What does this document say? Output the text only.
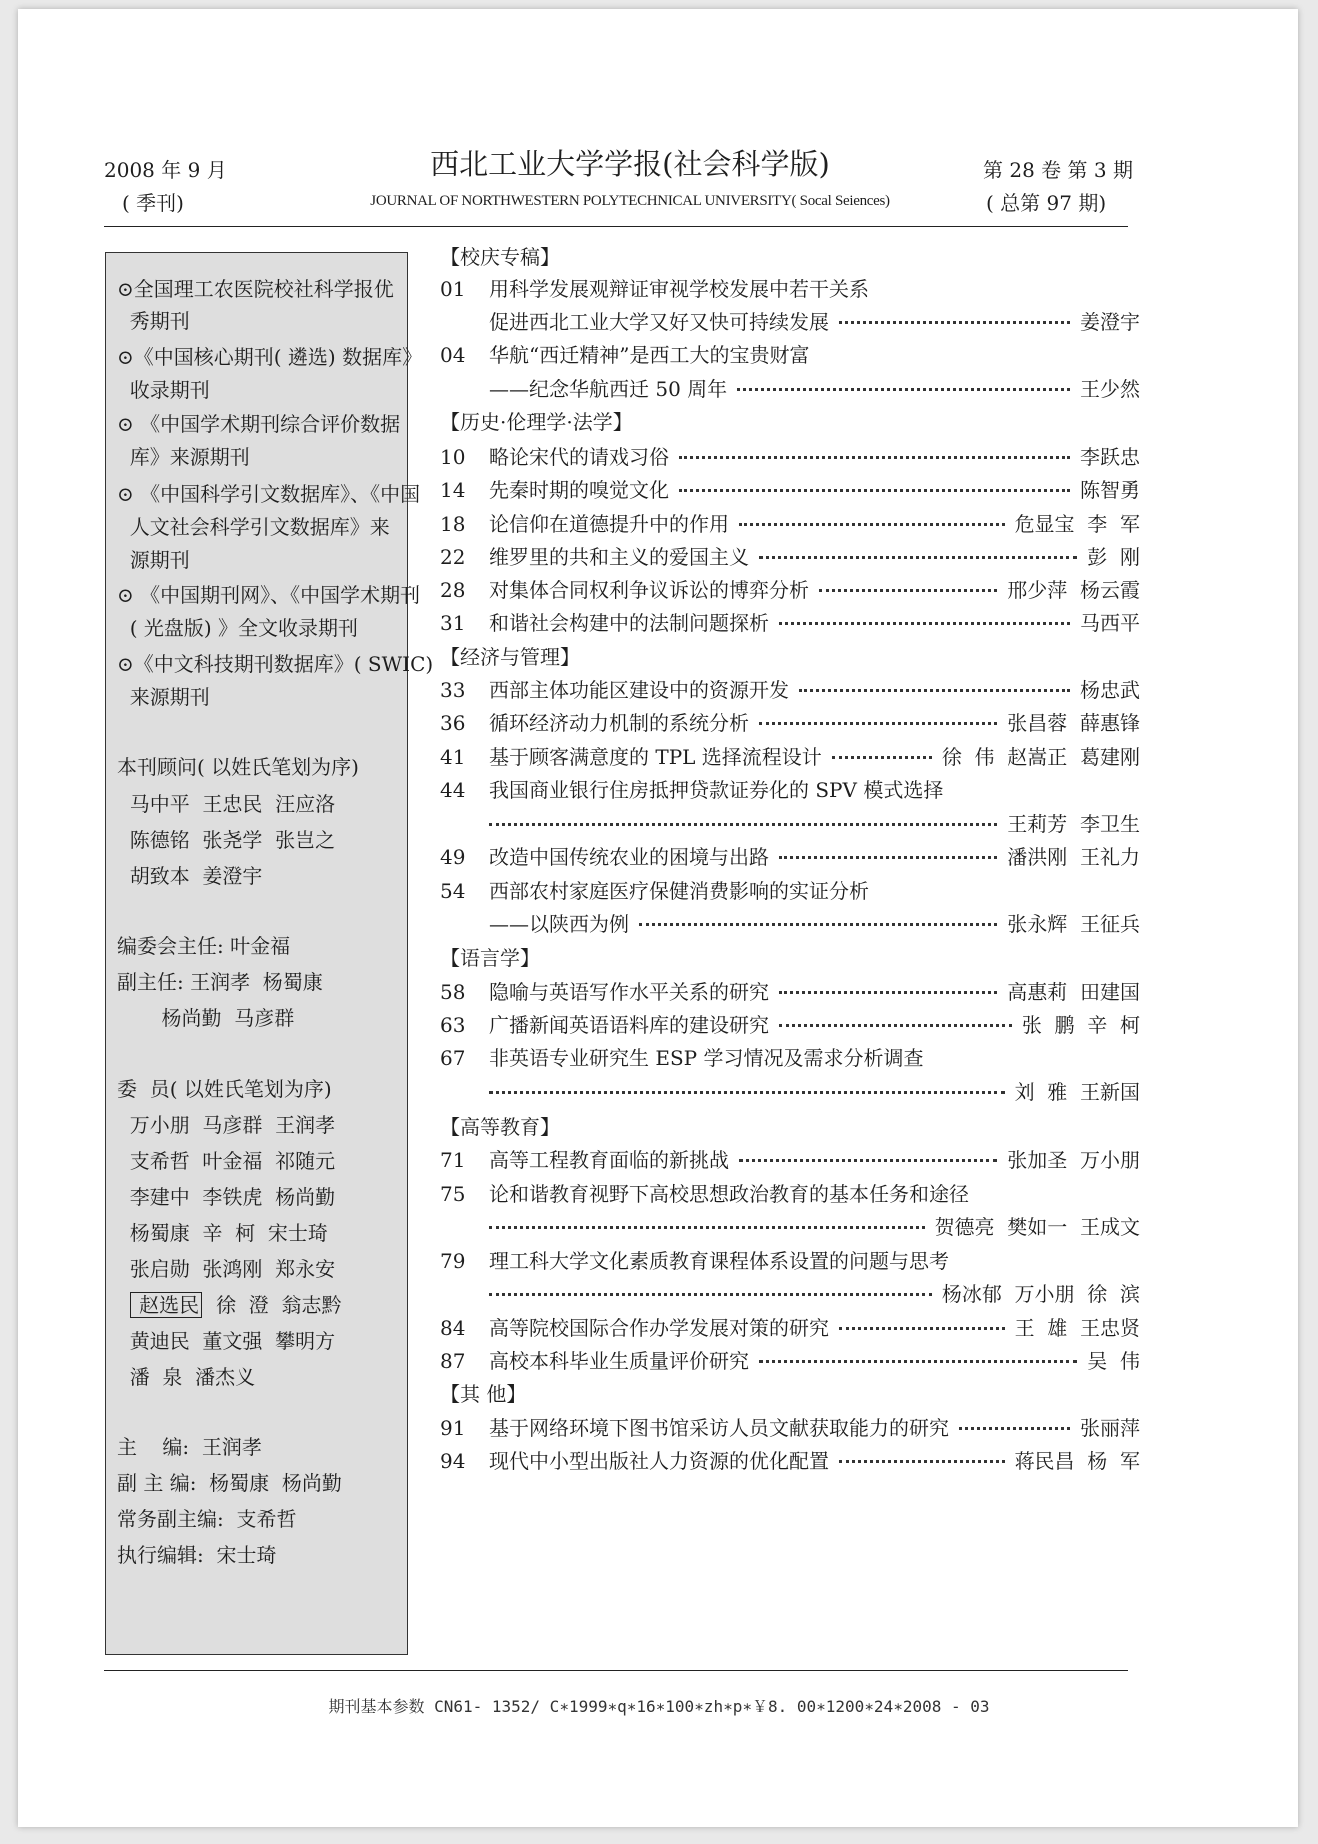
2008 年 9 月
( 季刊)
西北工业大学学报(社会科学版)
JOURNAL OF NORTHWESTERN POLYTECHNICAL UNIVERSITY( Socal Seiences)
第 28 卷 第 3 期
( 总第 97 期)
⊙全国理工农医院校社科学报优
秀期刊
⊙《中国核心期刊( 遴选) 数据库》
收录期刊
⊙ 《中国学术期刊综合评价数据
库》来源期刊
⊙ 《中国科学引文数据库》、《中国
人文社会科学引文数据库》来
源期刊
⊙ 《中国期刊网》、《中国学术期刊
( 光盘版) 》全文收录期刊
⊙《中文科技期刊数据库》( SWIC)
来源期刊
本刊顾问( 以姓氏笔划为序)
马中平  王忠民  汪应洛
陈德铭  张尧学  张岂之
胡致本  姜澄宇
编委会主任: 叶金福
副主任: 王润孝  杨蜀康
杨尚勤  马彦群
委  员( 以姓氏笔划为序)
万小朋  马彦群  王润孝
支希哲  叶金福  祁随元
李建中  李铁虎  杨尚勤
杨蜀康  辛  柯  宋士琦
张启勋  张鸿刚  郑永安
赵选民 徐  澄  翁志黔
黄迪民  董文强  攀明方
潘  泉  潘杰义
主    编:  王润孝
副 主 编:  杨蜀康  杨尚勤
常务副主编:  支希哲
执行编辑:  宋士琦
【校庆专稿】
01	用科学发展观辩证审视学校发展中若干关系
促进西北工业大学又好又快可持续发展	姜澄宇
04	华航“西迁精神”是西工大的宝贵财富
——纪念华航西迁 50 周年	王少然
【历史·伦理学·法学】
10	略论宋代的请戏习俗	李跃忠
14	先秦时期的嗅觉文化	陈智勇
18	论信仰在道德提升中的作用	危显宝  李  军
22	维罗里的共和主义的爱国主义	彭  刚
28	对集体合同权利争议诉讼的博弈分析	邢少萍  杨云霞
31	和谐社会构建中的法制问题探析	马西平
【经济与管理】
33	西部主体功能区建设中的资源开发	杨忠武
36	循环经济动力机制的系统分析	张昌蓉  薛惠锋
41	基于顾客满意度的 TPL 选择流程设计	徐  伟  赵嵩正  葛建刚
44	我国商业银行住房抵押贷款证券化的 SPV 模式选择
王莉芳  李卫生
49	改造中国传统农业的困境与出路	潘洪刚  王礼力
54	西部农村家庭医疗保健消费影响的实证分析
——以陕西为例	张永辉  王征兵
【语言学】
58	隐喻与英语写作水平关系的研究	高惠莉  田建国
63	广播新闻英语语料库的建设研究	张  鹏  辛  柯
67	非英语专业研究生 ESP 学习情况及需求分析调查
刘  雅  王新国
【高等教育】
71	高等工程教育面临的新挑战	张加圣  万小朋
75	论和谐教育视野下高校思想政治教育的基本任务和途径
贺德亮  樊如一  王成文
79	理工科大学文化素质教育课程体系设置的问题与思考
杨冰郁  万小朋  徐  滨
84	高等院校国际合作办学发展对策的研究	王  雄  王忠贤
87	高校本科毕业生质量评价研究	吴  伟
【其 他】
91	基于网络环境下图书馆采访人员文献获取能力的研究	张丽萍
94	现代中小型出版社人力资源的优化配置	蒋民昌  杨  军
期刊基本参数 CN61- 1352/ C∗1999∗q∗16∗100∗zh∗p∗￥8. 00∗1200∗24∗2008 - 03
